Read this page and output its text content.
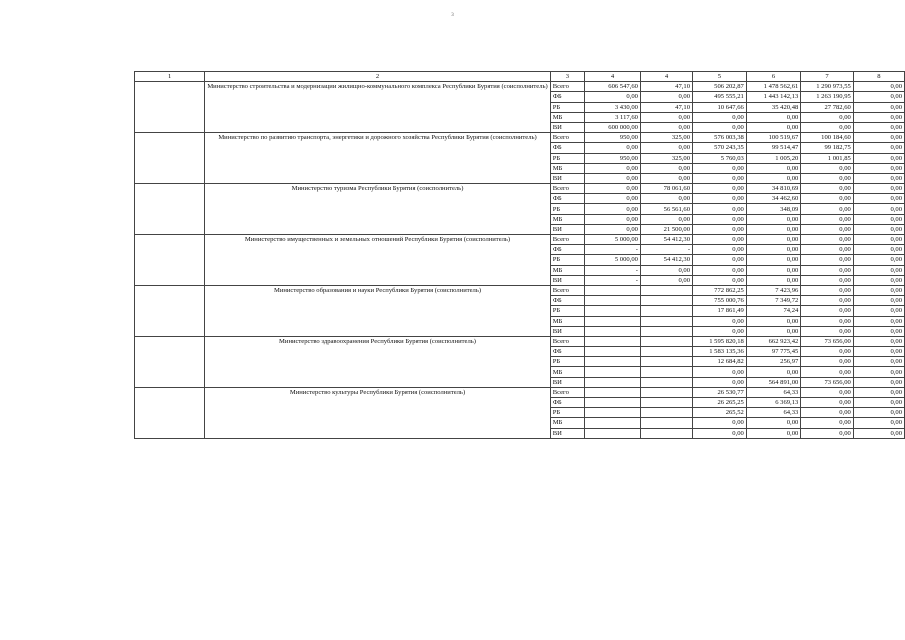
3
1	2	3	4	4	5	6	7	8
	Министерство строительства и модернизации жилищно-коммунального комплекса Республики Бурятия (соисполнитель)	Всего	606 547,60	47,10	506 202,87	1 478 562,61	1 290 973,55	0,00
		ФБ	0,00	0,00	495 555,21	1 443 142,13	1 263 190,95	0,00
		РБ	3 430,00	47,10	10 647,66	35 420,48	27 782,60	0,00
		МБ	3 117,60	0,00	0,00	0,00	0,00	0,00
		ВИ	600 000,00	0,00	0,00	0,00	0,00	0,00
	Министерство по развитию транспорта, энергетики и дорожного хозяйства Республики Бурятия (соисполнитель)	Всего	950,00	325,00	576 003,38	100 519,67	100 184,60	0,00
		ФБ	0,00	0,00	570 243,35	99 514,47	99 182,75	0,00
		РБ	950,00	325,00	5 760,03	1 005,20	1 001,85	0,00
		МБ	0,00	0,00	0,00	0,00	0,00	0,00
		ВИ	0,00	0,00	0,00	0,00	0,00	0,00
	Министерство туризма Республики Бурятия (соисполнитель)	Всего	0,00	78 061,60	0,00	34 810,69	0,00	0,00
		ФБ	0,00	0,00	0,00	34 462,60	0,00	0,00
		РБ	0,00	56 561,60	0,00	348,09	0,00	0,00
		МБ	0,00	0,00	0,00	0,00	0,00	0,00
		ВИ	0,00	21 500,00	0,00	0,00	0,00	0,00
	Министерство имущественных и земельных отношений Республики Бурятия (соисполнитель)	Всего	5 000,00	54 412,30	0,00	0,00	0,00	0,00
		ФБ	-	-	0,00	0,00	0,00	0,00
		РБ	5 000,00	54 412,30	0,00	0,00	0,00	0,00
		МБ	-	0,00	0,00	0,00	0,00	0,00
		ВИ	-	0,00	0,00	0,00	0,00	0,00
	Министерство образования и науки Республики Бурятия (соисполнитель)	Всего			772 862,25	7 423,96	0,00	0,00
		ФБ			755 000,76	7 349,72	0,00	0,00
		РБ			17 861,49	74,24	0,00	0,00
		МБ			0,00	0,00	0,00	0,00
		ВИ			0,00	0,00	0,00	0,00
	Министерство здравоохранения Республики Бурятия (соисполнитель)	Всего			1 595 820,18	662 923,42	73 656,00	0,00
		ФБ			1 583 135,36	97 775,45	0,00	0,00
		РБ			12 684,82	256,97	0,00	0,00
		МБ			0,00	0,00	0,00	0,00
		ВИ			0,00	564 891,00	73 656,00	0,00
	Министерство культуры Республики Бурятия (соисполнитель)	Всего			26 530,77	64,33	0,00	0,00
		ФБ			26 265,25	6 369,13	0,00	0,00
		РБ			265,52	64,33	0,00	0,00
		МБ			0,00	0,00	0,00	0,00
		ВИ			0,00	0,00	0,00	0,00
